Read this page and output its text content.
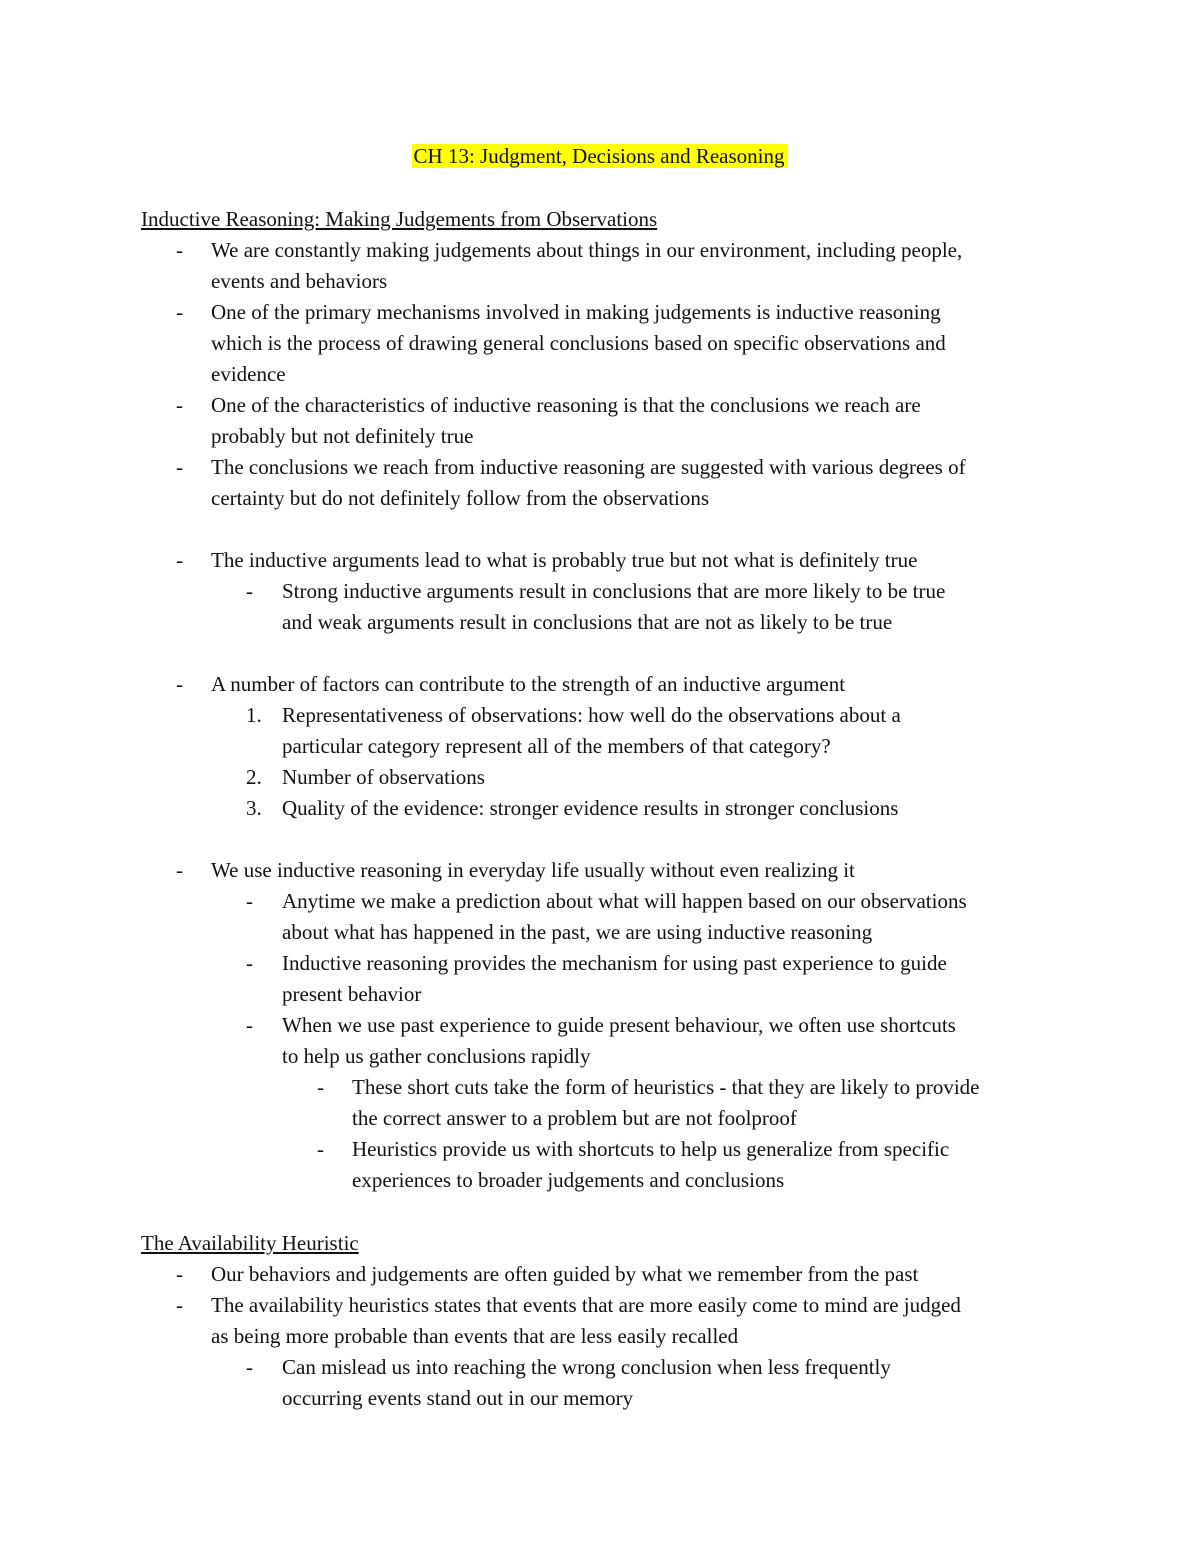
CH 13: Judgment, Decisions and Reasoning
Inductive Reasoning: Making Judgements from Observations
- We are constantly making judgements about things in our environment, including people,
events and behaviors
- One of the primary mechanisms involved in making judgements is inductive reasoning
which is the process of drawing general conclusions based on specific observations and
evidence
- One of the characteristics of inductive reasoning is that the conclusions we reach are
probably but not definitely true
- The conclusions we reach from inductive reasoning are suggested with various degrees of
certainty but do not definitely follow from the observations
- The inductive arguments lead to what is probably true but not what is definitely true
- Strong inductive arguments result in conclusions that are more likely to be true
and weak arguments result in conclusions that are not as likely to be true
- A number of factors can contribute to the strength of an inductive argument
1. Representativeness of observations: how well do the observations about a
particular category represent all of the members of that category?
2. Number of observations
3. Quality of the evidence: stronger evidence results in stronger conclusions
- We use inductive reasoning in everyday life usually without even realizing it
- Anytime we make a prediction about what will happen based on our observations
about what has happened in the past, we are using inductive reasoning
- Inductive reasoning provides the mechanism for using past experience to guide
present behavior
- When we use past experience to guide present behaviour, we often use shortcuts
to help us gather conclusions rapidly
- These short cuts take the form of heuristics - that they are likely to provide
the correct answer to a problem but are not foolproof
- Heuristics provide us with shortcuts to help us generalize from specific
experiences to broader judgements and conclusions
The Availability Heuristic
- Our behaviors and judgements are often guided by what we remember from the past
- The availability heuristics states that events that are more easily come to mind are judged
as being more probable than events that are less easily recalled
- Can mislead us into reaching the wrong conclusion when less frequently
occurring events stand out in our memory
